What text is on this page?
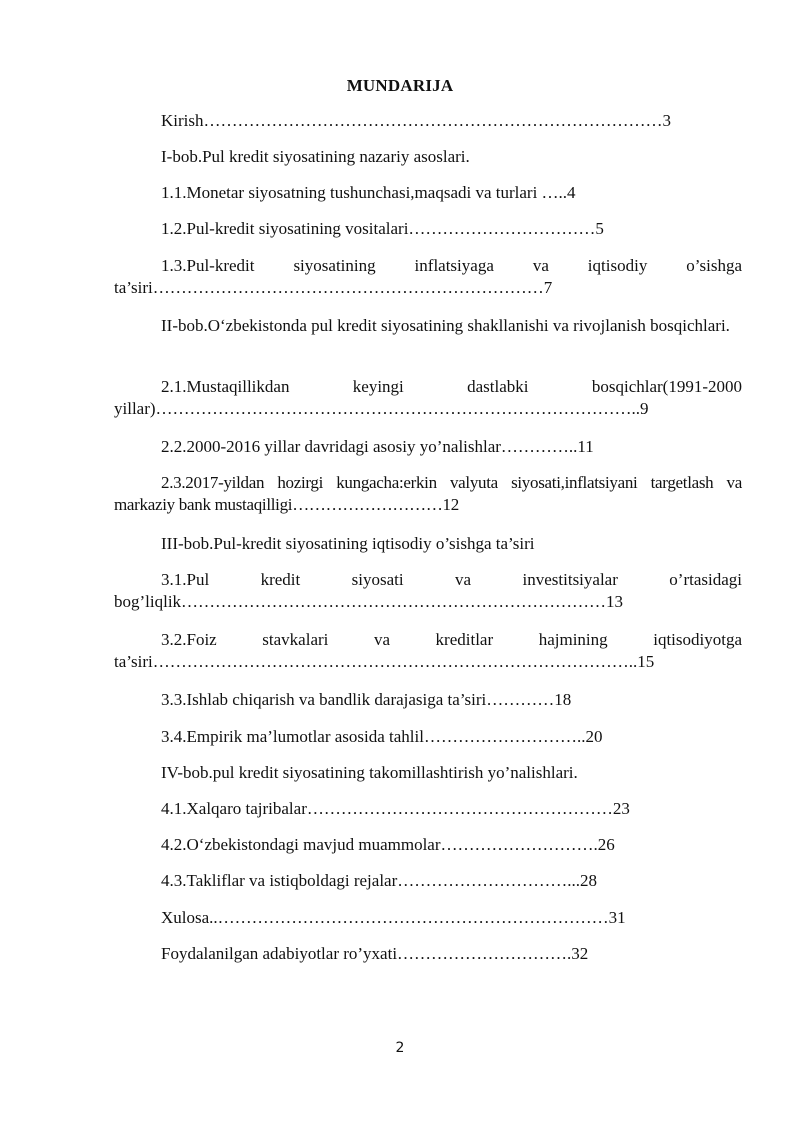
MUNDARIJA
Kirish………………………………………………………………………3
I-bob.Pul kredit siyosatining nazariy asoslari.
1.1.Monetar siyosatning tushunchasi,maqsadi va turlari …..4
1.2.Pul-kredit siyosatining vositalari……………………………5
1.3.Pul-kredit siyosatining inflatsiyaga va iqtisodiy o’sishga
ta’siri……………………………………………………………7
II-bob.O‘zbekistonda pul kredit siyosatining shakllanishi va rivojlanish bosqichlari.
2.1.Mustaqillikdan keyingi dastlabki bosqichlar(1991-2000
yillar)…………………………………………………………………………..9
2.2.2000-2016 yillar davridagi asosiy yo’nalishlar…………..11
2.3.2017-yildan hozirgi kungacha:erkin valyuta siyosati,inflatsiyani targetlash va markaziy bank mustaqilligi………………………12
III-bob.Pul-kredit siyosatining iqtisodiy o’sishga ta’siri
3.1.Pul kredit siyosati va investitsiyalar o’rtasidagi
bog’liqlik…………………………………………………………………13
3.2.Foiz stavkalari va kreditlar hajmining iqtisodiyotga
ta’siri…………………………………………………………………………..15
3.3.Ishlab chiqarish va bandlik darajasiga ta’siri…………18
3.4.Empirik ma’lumotlar asosida tahlil………………………..20
IV-bob.pul kredit siyosatining takomillashtirish yo’nalishlari.
4.1.Xalqaro tajribalar………………………………………………23
4.2.O‘zbekistondagi mavjud muammolar……………………….26
4.3.Takliflar va istiqboldagi rejalar…………………………...28
Xulosa..……………………………………………………………31
Foydalanilgan adabiyotlar ro’yxati………………………….32
2
